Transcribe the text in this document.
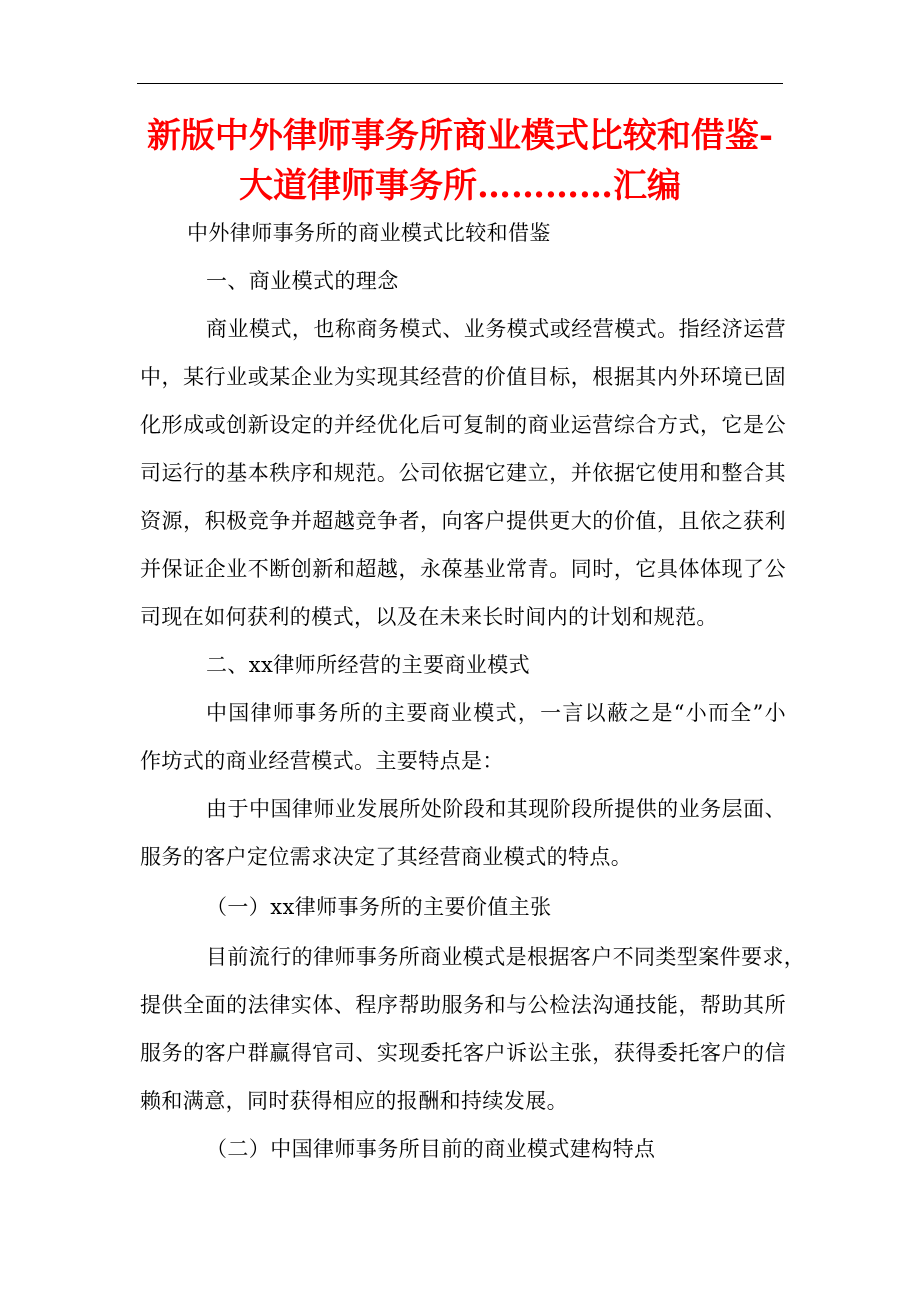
新版中外律师事务所商业模式比较和借鉴-
大道律师事务所…………汇编
中外律师事务所的商业模式比较和借鉴
一、商业模式的理念
商业模式，也称商务模式、业务模式或经营模式。指经济运营
中，某行业或某企业为实现其经营的价值目标，根据其内外环境已固
化形成或创新设定的并经优化后可复制的商业运营综合方式，它是公
司运行的基本秩序和规范。公司依据它建立，并依据它使用和整合其
资源，积极竞争并超越竞争者，向客户提供更大的价值，且依之获利
并保证企业不断创新和超越，永葆基业常青。同时，它具体体现了公
司现在如何获利的模式，以及在未来长时间内的计划和规范。
二、xx律师所经营的主要商业模式
中国律师事务所的主要商业模式，一言以蔽之是“小而全”小
作坊式的商业经营模式。主要特点是：
由于中国律师业发展所处阶段和其现阶段所提供的业务层面、
服务的客户定位需求决定了其经营商业模式的特点。
（一）xx律师事务所的主要价值主张
目前流行的律师事务所商业模式是根据客户不同类型案件要求，
提供全面的法律实体、程序帮助服务和与公检法沟通技能，帮助其所
服务的客户群赢得官司、实现委托客户诉讼主张，获得委托客户的信
赖和满意，同时获得相应的报酬和持续发展。
（二）中国律师事务所目前的商业模式建构特点
